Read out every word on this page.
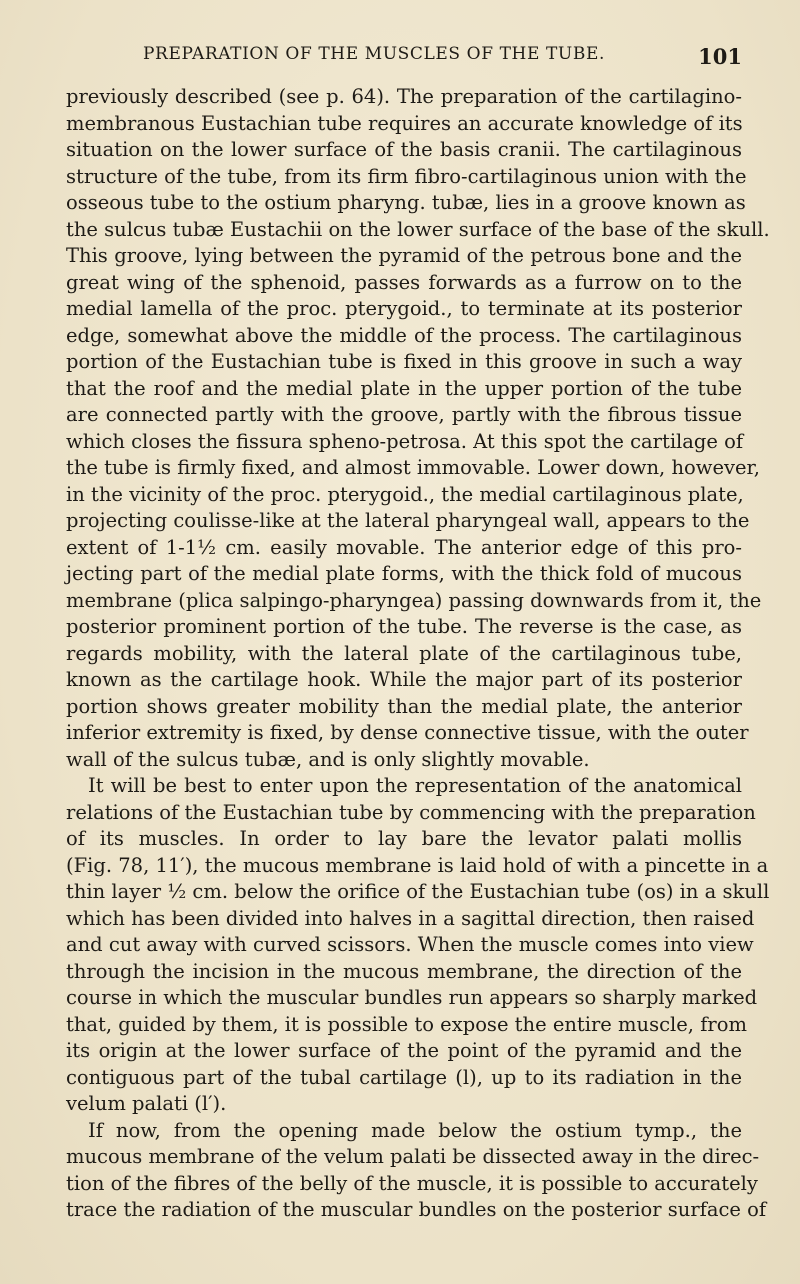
PREPARATION OF THE MUSCLES OF THE TUBE.	101
previously described (see p. 64). The preparation of the cartilagino-
membranous Eustachian tube requires an accurate knowledge of its
situation on the lower surface of the basis cranii. The cartilaginous
structure of the tube, from its firm fibro-cartilaginous union with the
osseous tube to the ostium pharyng. tubæ, lies in a groove known as
the sulcus tubæ Eustachii on the lower surface of the base of the skull.
This groove, lying between the pyramid of the petrous bone and the
great wing of the sphenoid, passes forwards as a furrow on to the
medial lamella of the proc. pterygoid., to terminate at its posterior
edge, somewhat above the middle of the process. The cartilaginous
portion of the Eustachian tube is fixed in this groove in such a way
that the roof and the medial plate in the upper portion of the tube
are connected partly with the groove, partly with the fibrous tissue
which closes the fissura spheno-petrosa. At this spot the cartilage of
the tube is firmly fixed, and almost immovable. Lower down, however,
in the vicinity of the proc. pterygoid., the medial cartilaginous plate,
projecting coulisse-like at the lateral pharyngeal wall, appears to the
extent of 1-1½ cm. easily movable. The anterior edge of this pro-
jecting part of the medial plate forms, with the thick fold of mucous
membrane (plica salpingo-pharyngea) passing downwards from it, the
posterior prominent portion of the tube. The reverse is the case, as
regards mobility, with the lateral plate of the cartilaginous tube,
known as the cartilage hook. While the major part of its posterior
portion shows greater mobility than the medial plate, the anterior
inferior extremity is fixed, by dense connective tissue, with the outer
wall of the sulcus tubæ, and is only slightly movable.
It will be best to enter upon the representation of the anatomical
relations of the Eustachian tube by commencing with the preparation
of its muscles. In order to lay bare the levator palati mollis
(Fig. 78, 11′), the mucous membrane is laid hold of with a pincette in a
thin layer ½ cm. below the orifice of the Eustachian tube (os) in a skull
which has been divided into halves in a sagittal direction, then raised
and cut away with curved scissors. When the muscle comes into view
through the incision in the mucous membrane, the direction of the
course in which the muscular bundles run appears so sharply marked
that, guided by them, it is possible to expose the entire muscle, from
its origin at the lower surface of the point of the pyramid and the
contiguous part of the tubal cartilage (l), up to its radiation in the
velum palati (l′).
If now, from the opening made below the ostium tymp., the
mucous membrane of the velum palati be dissected away in the direc-
tion of the fibres of the belly of the muscle, it is possible to accurately
trace the radiation of the muscular bundles on the posterior surface of
